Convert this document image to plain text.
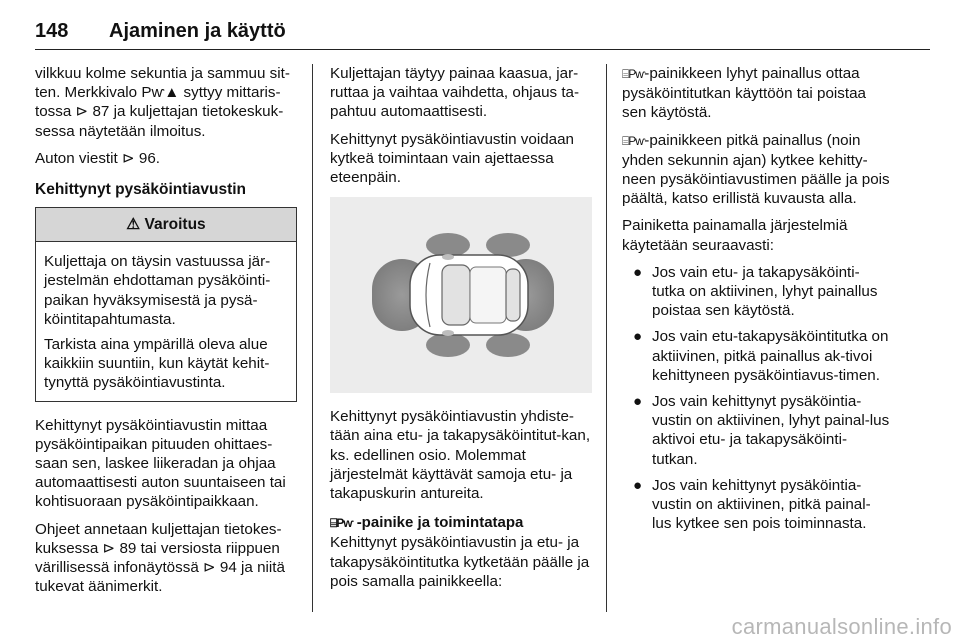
148 Ajaminen ja käyttö

vilkkuu kolme sekuntia ja sammuu sit-ten. Merkkivalo Pⱳ▲ syttyy mittaris-tossa ⊳ 87 ja kuljettajan tietokeskuk-sessa näytetään ilmoitus.

Auton viestit ⊳ 96.

Kehittynyt pysäköintiavustin
⚠ Varoitus

Kuljettaja on täysin vastuussa jär-jestelmän ehdottaman pysäköinti-paikan hyväksymisestä ja pysä-köintitapahtumasta.

Tarkista aina ympärillä oleva alue kaikkiin suuntiin, kun käytät kehit-tynyttä pysäköintiavustinta.

Kehittynyt pysäköintiavustin mittaa pysäköintipaikan pituuden ohittaes-saan sen, laskee liikeradan ja ohjaa automaattisesti auton suuntaiseen tai kohtisuoraan pysäköintipaikkaan.

Ohjeet annetaan kuljettajan tietokes-kuksessa ⊳ 89 tai versiosta riippuen värillisessä infonäytössä ⊳ 94 ja niitä tukevat äänimerkit.

Kuljettajan täytyy painaa kaasua, jar-ruttaa ja vaihtaa vaihdetta, ohjaus ta-pahtuu automaattisesti.

Kehittynyt pysäköintiavustin voidaan kytkeä toimintaan vain ajettaessa eteenpäin.

Kehittynyt pysäköintiavustin yhdiste-tään aina etu- ja takapysäköintitut-kan, ks. edellinen osio. Molemmat järjestelmät käyttävät samoja etu- ja takapuskurin antureita.

⌸Pⱳ -painike ja toimintatapa

Kehittynyt pysäköintiavustin ja etu- ja takapysäköintitutka kytketään päälle ja pois samalla painikkeella:

⌸Pⱳ-painikkeen lyhyt painallus ottaa pysäköintitutkan käyttöön tai poistaa sen käytöstä.

⌸Pⱳ-painikkeen pitkä painallus (noin yhden sekunnin ajan) kytkee kehitty-neen pysäköintiavustimen päälle ja pois päältä, katso erillistä kuvausta alla.

Painiketta painamalla järjestelmiä käytetään seuraavasti:

● Jos vain etu- ja takapysäköinti-tutka on aktiivinen, lyhyt painallus poistaa sen käytöstä.
● Jos vain etu-takapysäköintitutka on aktiivinen, pitkä painallus ak-tivoi kehittyneen pysäköintiavus-timen.
● Jos vain kehittynyt pysäköintia-vustin on aktiivinen, lyhyt painal-lus aktivoi etu- ja takapysäköinti-tutkan.
● Jos vain kehittynyt pysäköintia-vustin on aktiivinen, pitkä painal-lus kytkee sen pois toiminnasta.
carmanualsonline.info
